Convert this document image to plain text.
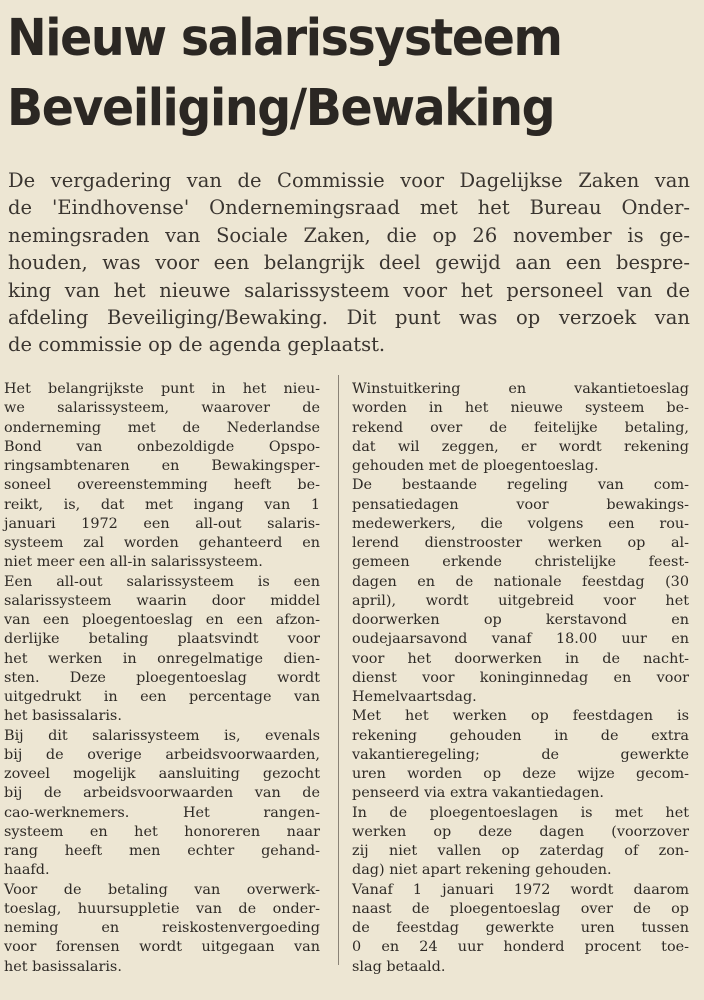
Nieuw salarissysteem
Beveiliging/Bewaking
De vergadering van de Commissie voor Dagelijkse Zaken van
de 'Eindhovense' Ondernemingsraad met het Bureau Onder-
nemingsraden van Sociale Zaken, die op 26 november is ge-
houden, was voor een belangrijk deel gewijd aan een bespre-
king van het nieuwe salarissysteem voor het personeel van de
afdeling Beveiliging/Bewaking. Dit punt was op verzoek van
de commissie op de agenda geplaatst.
Het belangrijkste punt in het nieu-
we salarissysteem, waarover de
onderneming met de Nederlandse
Bond van onbezoldigde Opspo-
ringsambtenaren en Bewakingsper-
soneel overeenstemming heeft be-
reikt, is, dat met ingang van 1
januari 1972 een all-out salaris-
systeem zal worden gehanteerd en
niet meer een all-in salarissysteem.
Een all-out salarissysteem is een
salarissysteem waarin door middel
van een ploegentoeslag en een afzon-
derlijke betaling plaatsvindt voor
het werken in onregelmatige dien-
sten. Deze ploegentoeslag wordt
uitgedrukt in een percentage van
het basissalaris.
Bij dit salarissysteem is, evenals
bij de overige arbeidsvoorwaarden,
zoveel mogelijk aansluiting gezocht
bij de arbeidsvoorwaarden van de
cao-werknemers. Het rangen-
systeem en het honoreren naar
rang heeft men echter gehand-
haafd.
Voor de betaling van overwerk-
toeslag, huursuppletie van de onder-
neming en reiskostenvergoeding
voor forensen wordt uitgegaan van
het basissalaris.
Winstuitkering en vakantietoeslag
worden in het nieuwe systeem be-
rekend over de feitelijke betaling,
dat wil zeggen, er wordt rekening
gehouden met de ploegentoeslag.
De bestaande regeling van com-
pensatiedagen voor bewakings-
medewerkers, die volgens een rou-
lerend dienstrooster werken op al-
gemeen erkende christelijke feest-
dagen en de nationale feestdag (30
april), wordt uitgebreid voor het
doorwerken op kerstavond en
oudejaarsavond vanaf 18.00 uur en
voor het doorwerken in de nacht-
dienst voor koninginnedag en voor
Hemelvaartsdag.
Met het werken op feestdagen is
rekening gehouden in de extra
vakantieregeling; de gewerkte
uren worden op deze wijze gecom-
penseerd via extra vakantiedagen.
In de ploegentoeslagen is met het
werken op deze dagen (voorzover
zij niet vallen op zaterdag of zon-
dag) niet apart rekening gehouden.
Vanaf 1 januari 1972 wordt daarom
naast de ploegentoeslag over de op
de feestdag gewerkte uren tussen
0 en 24 uur honderd procent toe-
slag betaald.
